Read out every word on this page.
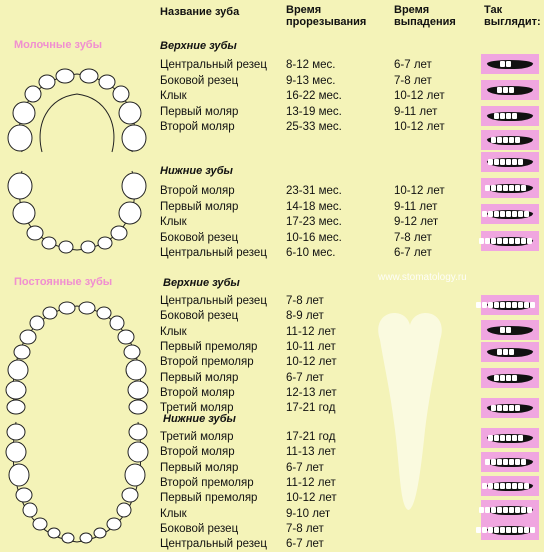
Название зуба	Время прорезывания
Время выпадения
Так выглядит:
Молочные зубы
Постоянные зубы
Верхние зубы
Нижние зубы
Верхние зубы
Нижние зубы
www.stomatology.ru
Центральный резец 8-12 мес.	6-7 лет
Боковой резец	9-13 мес.	7-8 лет
Клык	16-22 мес.	10-12 лет
Первый моляр	13-19 мес.	9-11 лет
Второй моляр	25-33 мес.	10-12 лет
Второй моляр	23-31 мес.	10-12 лет
Первый моляр	14-18 мес.	9-11 лет
Клык	17-23 мес.	9-12 лет
Боковой резец	10-16 мес.	7-8 лет
Центральный резец 6-10 мес.	6-7 лет
Центральный резец 7-8 лет
Боковой резец	8-9 лет
Клык	11-12 лет
Первый премоляр 10-11 лет
Второй премоляр	10-12 лет
Первый моляр	6-7 лет
Второй моляр	12-13 лет
Третий моляр	17-21 год
Третий моляр	17-21 год
Второй моляр	11-13 лет
Первый моляр	6-7 лет
Второй премоляр	11-12 лет
Первый премоляр 10-12 лет
Клык	9-10 лет
Боковой резец	7-8 лет
Центральный резец 6-7 лет
